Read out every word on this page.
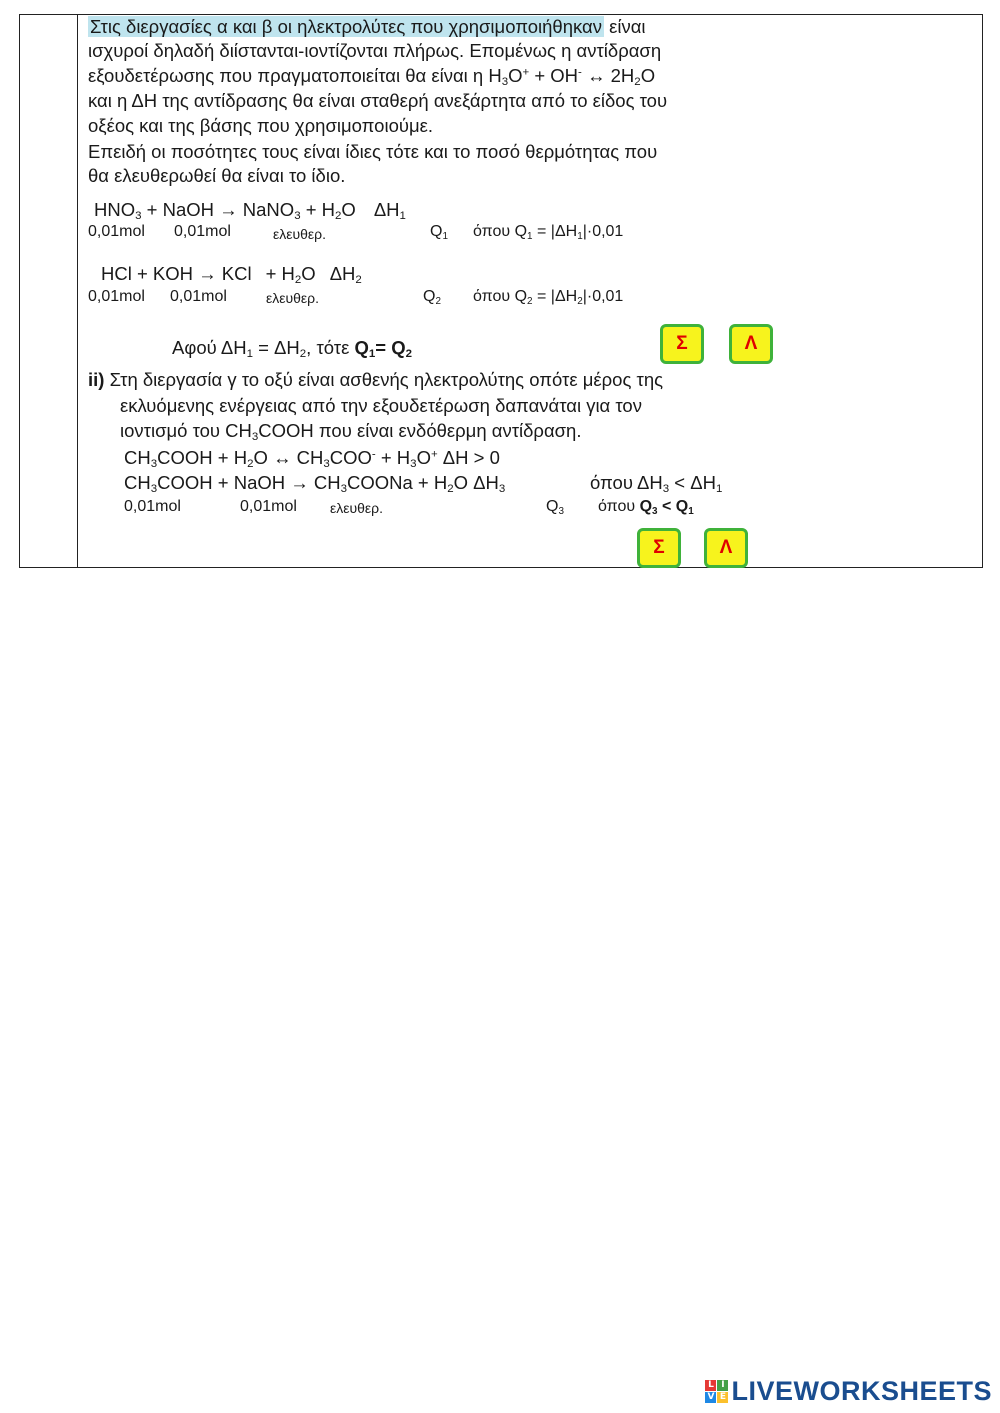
Στις διεργασίες α και β οι ηλεκτρολύτες που χρησιμοποιήθηκαν είναι
ισχυροί δηλαδή διίστανται-ιοντίζονται πλήρως. Επομένως η αντίδραση
εξουδετέρωσης που πραγματοποιείται θα είναι η $H_3O^+ + OH^-$ ↔ $2H_2O$
και η ΔΗ της αντίδρασης θα είναι σταθερή ανεξάρτητα από το είδος του
οξέος και της βάσης που χρησιμοποιούμε.
Επειδή οι ποσότητες τους είναι ίδιες τότε και το ποσό θερμότητας που
θα ελευθερωθεί θα είναι το ίδιο.
$HNO_3$ + NaOH → NaNO$_3$ + $H_2O$ $\Delta H_1$
0,01mol 0,01mol	ελευθερ.	$Q_1$ όπου $Q_1 = |\Delta H_1|\cdot 0,01$
HCl + KOH → KCl + $H_2O$ $\Delta H_2$
0,01mol 0,01mol	ελευθερ.	$Q_2$ όπου $Q_2 = |\Delta H_2|\cdot 0,01$
Αφού $\Delta H_1 = \Delta H_2$, τότε $Q_1= Q_2$
ii) Στη διεργασία γ το οξύ είναι ασθενής ηλεκτρολύτης οπότε μέρος της
εκλυόμενης ενέργειας από την εξουδετέρωση δαπανάται για τον
ιοντισμό του $CH_3COOH$ που είναι ενδόθερμη αντίδραση.
$CH_3COOH + H_2O$ ↔ $CH_3COO^- + H_3O^+$ ΔH > 0
$CH_3COOH$ + NaOH → $CH_3COONa + H_2O$ $\Delta H_3$	όπου $\Delta H_3 < \Delta H_1$
0,01mol	0,01mol ελευθερ.	$Q_3$ όπου $Q_3 < Q_1$
Σ	Λ
Σ	Λ
L I
V E LIVEWORKSHEETS
